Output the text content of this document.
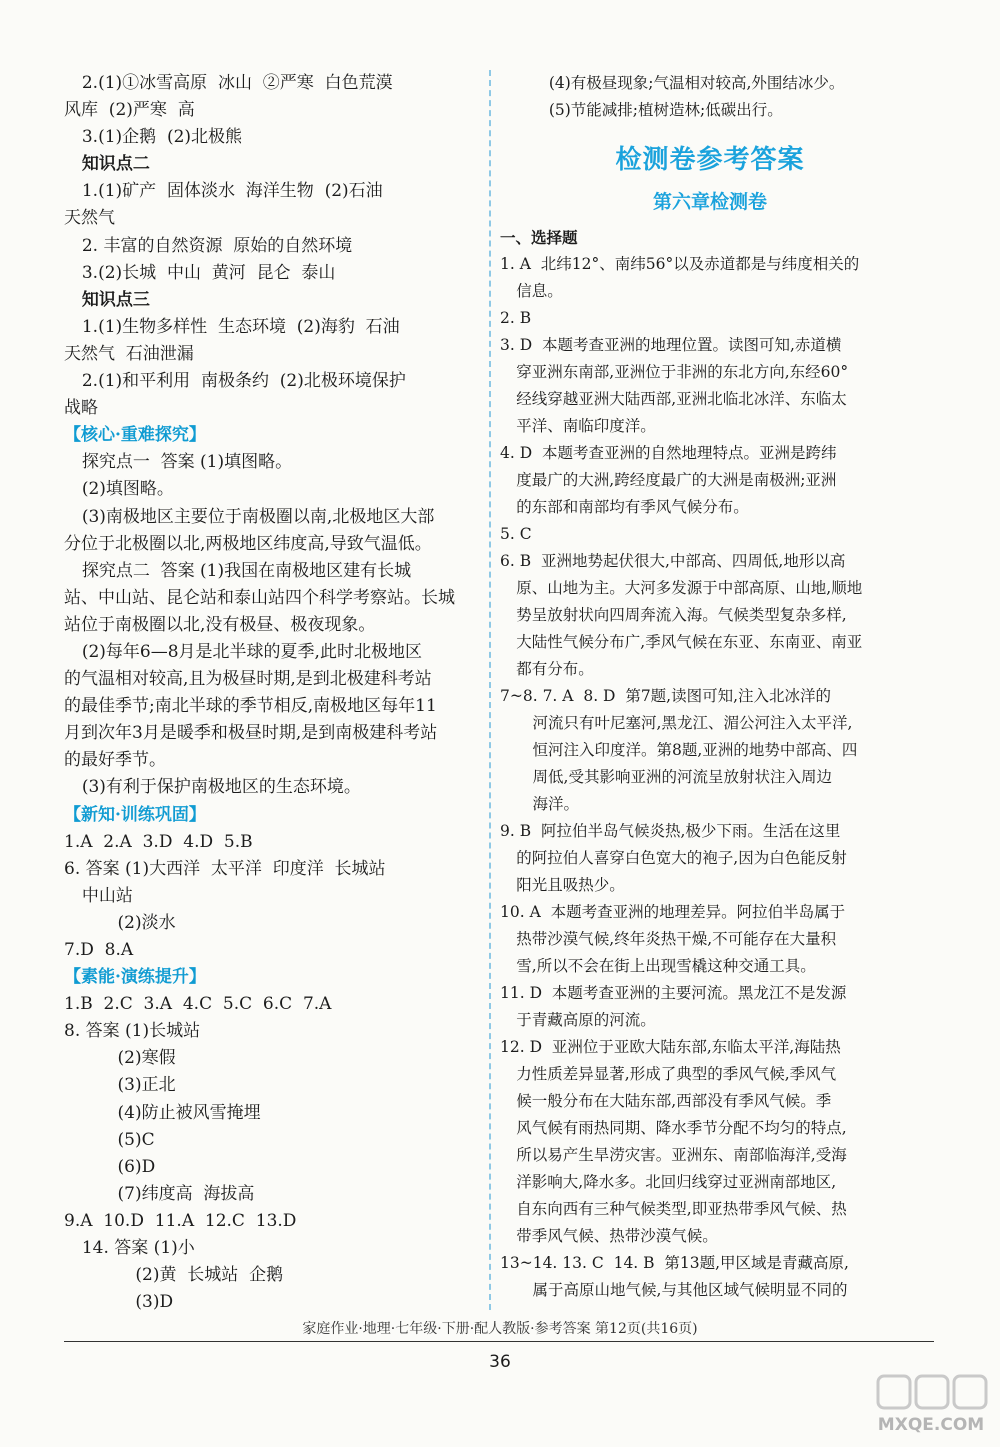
2.(1)①冰雪高原  冰山  ②严寒  白色荒漠
风库  (2)严寒  高
3.(1)企鹅  (2)北极熊
知识点二
1.(1)矿产  固体淡水  海洋生物  (2)石油
天然气
2. 丰富的自然资源  原始的自然环境
3.(2)长城  中山  黄河  昆仑  泰山
知识点三
1.(1)生物多样性  生态环境  (2)海豹  石油
天然气  石油泄漏
2.(1)和平利用  南极条约  (2)北极环境保护
战略
【核心·重难探究】
探究点一  答案 (1)填图略。
(2)填图略。
(3)南极地区主要位于南极圈以南,北极地区大部
分位于北极圈以北,两极地区纬度高,导致气温低。
探究点二  答案 (1)我国在南极地区建有长城
站、中山站、昆仑站和泰山站四个科学考察站。长城
站位于南极圈以北,没有极昼、极夜现象。
(2)每年6—8月是北半球的夏季,此时北极地区
的气温相对较高,且为极昼时期,是到北极建科考站
的最佳季节;南北半球的季节相反,南极地区每年11
月到次年3月是暖季和极昼时期,是到南极建科考站
的最好季节。
(3)有利于保护南极地区的生态环境。
【新知·训练巩固】
1.A  2.A  3.D  4.D  5.B
6. 答案 (1)大西洋  太平洋  印度洋  长城站
中山站
(2)淡水
7.D  8.A
【素能·演练提升】
1.B  2.C  3.A  4.C  5.C  6.C  7.A
8. 答案 (1)长城站
(2)寒假
(3)正北
(4)防止被风雪掩埋
(5)C
(6)D
(7)纬度高  海拔高
9.A  10.D  11.A  12.C  13.D
14. 答案 (1)小
(2)黄  长城站  企鹅
(3)D
(4)有极昼现象;气温相对较高,外围结冰少。
(5)节能减排;植树造林;低碳出行。
检测卷参考答案
第六章检测卷
一、选择题
1. A  北纬12°、南纬56°以及赤道都是与纬度相关的
信息。
2. B
3. D  本题考查亚洲的地理位置。读图可知,赤道横
穿亚洲东南部,亚洲位于非洲的东北方向,东经60°
经线穿越亚洲大陆西部,亚洲北临北冰洋、东临太
平洋、南临印度洋。
4. D  本题考查亚洲的自然地理特点。亚洲是跨纬
度最广的大洲,跨经度最广的大洲是南极洲;亚洲
的东部和南部均有季风气候分布。
5. C
6. B  亚洲地势起伏很大,中部高、四周低,地形以高
原、山地为主。大河多发源于中部高原、山地,顺地
势呈放射状向四周奔流入海。气候类型复杂多样,
大陆性气候分布广,季风气候在东亚、东南亚、南亚
都有分布。
7~8. 7. A  8. D  第7题,读图可知,注入北冰洋的
河流只有叶尼塞河,黑龙江、湄公河注入太平洋,
恒河注入印度洋。第8题,亚洲的地势中部高、四
周低,受其影响亚洲的河流呈放射状注入周边
海洋。
9. B  阿拉伯半岛气候炎热,极少下雨。生活在这里
的阿拉伯人喜穿白色宽大的袍子,因为白色能反射
阳光且吸热少。
10. A  本题考查亚洲的地理差异。阿拉伯半岛属于
热带沙漠气候,终年炎热干燥,不可能存在大量积
雪,所以不会在街上出现雪橇这种交通工具。
11. D  本题考查亚洲的主要河流。黑龙江不是发源
于青藏高原的河流。
12. D  亚洲位于亚欧大陆东部,东临太平洋,海陆热
力性质差异显著,形成了典型的季风气候,季风气
候一般分布在大陆东部,西部没有季风气候。季
风气候有雨热同期、降水季节分配不均匀的特点,
所以易产生旱涝灾害。亚洲东、南部临海洋,受海
洋影响大,降水多。北回归线穿过亚洲南部地区,
自东向西有三种气候类型,即亚热带季风气候、热
带季风气候、热带沙漠气候。
13~14. 13. C  14. B  第13题,甲区域是青藏高原,
属于高原山地气候,与其他区域气候明显不同的
家庭作业·地理·七年级·下册·配人教版·参考答案 第12页(共16页)
36
MXQE.COM
